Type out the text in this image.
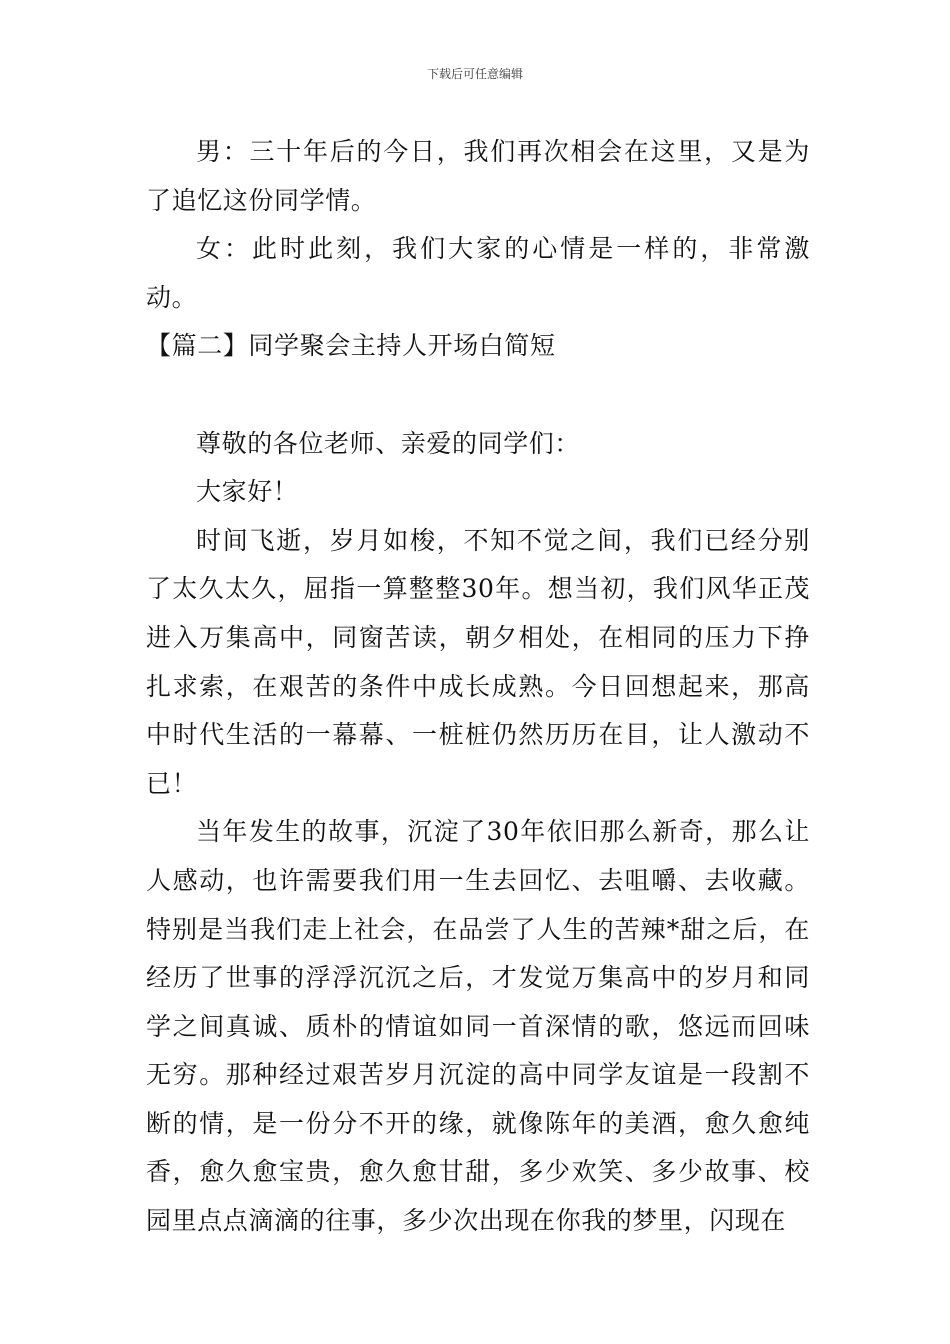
下载后可任意编辑

男：三十年后的今日，我们再次相会在这里，又是为了追忆这份同学情。

女：此时此刻，我们大家的心情是一样的，非常激动。

【篇二】同学聚会主持人开场白简短

尊敬的各位老师、亲爱的同学们：

大家好！

时间飞逝，岁月如梭，不知不觉之间，我们已经分别了太久太久，屈指一算整整30年。想当初，我们风华正茂进入万集高中，同窗苦读，朝夕相处，在相同的压力下挣扎求索，在艰苦的条件中成长成熟。今日回想起来，那高中时代生活的一幕幕、一桩桩仍然历历在目，让人激动不已！

当年发生的故事，沉淀了30年依旧那么新奇，那么让人感动，也许需要我们用一生去回忆、去咀嚼、去收藏。特别是当我们走上社会，在品尝了人生的苦辣*甜之后，在经历了世事的浮浮沉沉之后，才发觉万集高中的岁月和同学之间真诚、质朴的情谊如同一首深情的歌，悠远而回味无穷。那种经过艰苦岁月沉淀的高中同学友谊是一段割不断的情，是一份分不开的缘，就像陈年的美酒，愈久愈纯香，愈久愈宝贵，愈久愈甘甜，多少欢笑、多少故事、校园里点点滴滴的往事，多少次出现在你我的梦里，闪现在
